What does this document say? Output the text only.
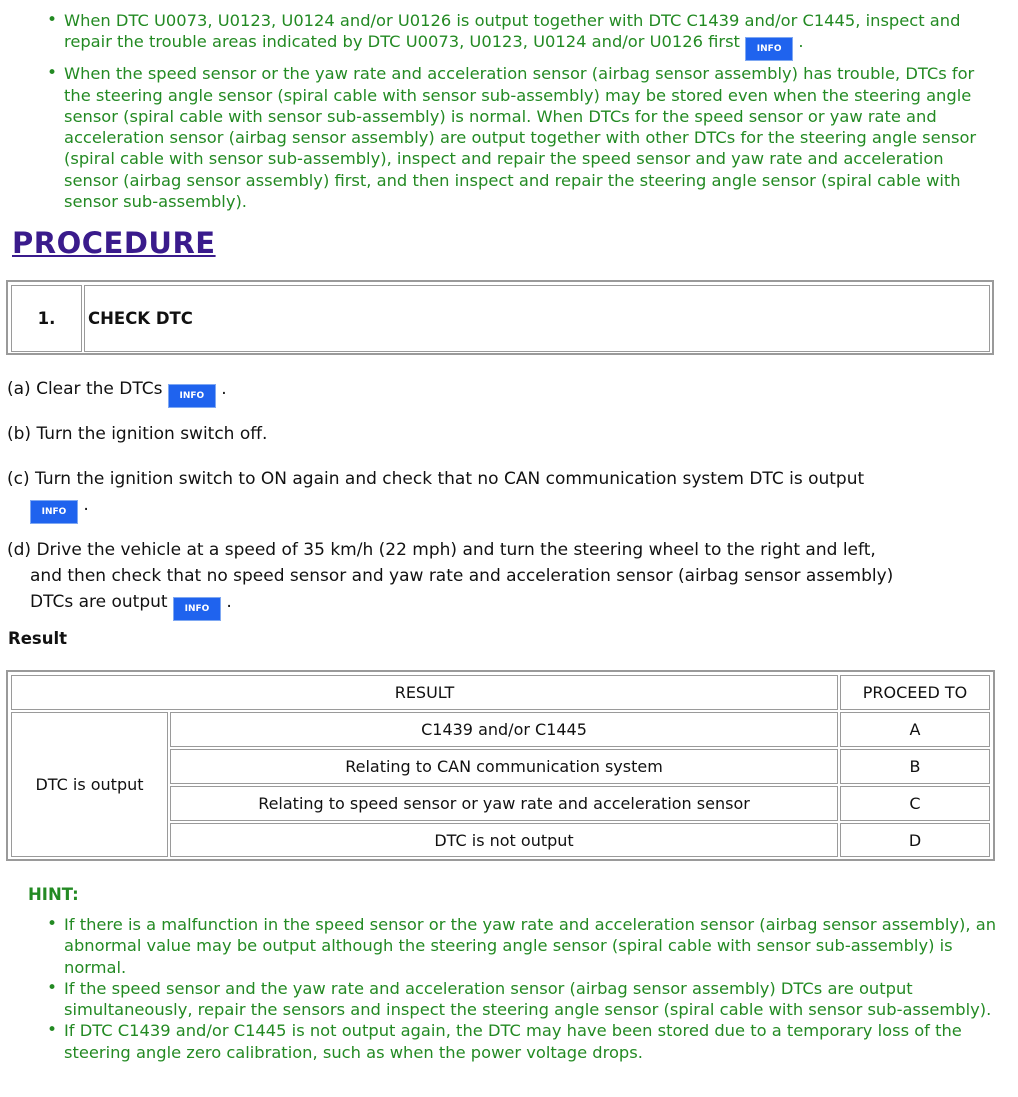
• When DTC U0073, U0123, U0124 and/or U0126 is output together with DTC C1439 and/or C1445, inspect and repair the trouble areas indicated by DTC U0073, U0123, U0124 and/or U0126 first INFO .
• When the speed sensor or the yaw rate and acceleration sensor (airbag sensor assembly) has trouble, DTCs for the steering angle sensor (spiral cable with sensor sub-assembly) may be stored even when the steering angle sensor (spiral cable with sensor sub-assembly) is normal. When DTCs for the speed sensor or yaw rate and acceleration sensor (airbag sensor assembly) are output together with other DTCs for the steering angle sensor (spiral cable with sensor sub-assembly), inspect and repair the speed sensor and yaw rate and acceleration sensor (airbag sensor assembly) first, and then inspect and repair the steering angle sensor (spiral cable with sensor sub-assembly).
PROCEDURE
1.	CHECK DTC
(a) Clear the DTCs INFO .
(b) Turn the ignition switch off.
(c) Turn the ignition switch to ON again and check that no CAN communication system DTC is output
INFO .
(d) Drive the vehicle at a speed of 35 km/h (22 mph) and turn the steering wheel to the right and left,
and then check that no speed sensor and yaw rate and acceleration sensor (airbag sensor assembly)
DTCs are output INFO .
Result
RESULT	PROCEED TO
DTC is output
C1439 and/or C1445	A
Relating to CAN communication system	B
Relating to speed sensor or yaw rate and acceleration sensor	C
DTC is not output	D
HINT:
• If there is a malfunction in the speed sensor or the yaw rate and acceleration sensor (airbag sensor assembly), an abnormal value may be output although the steering angle sensor (spiral cable with sensor sub-assembly) is normal.
• If the speed sensor and the yaw rate and acceleration sensor (airbag sensor assembly) DTCs are output simultaneously, repair the sensors and inspect the steering angle sensor (spiral cable with sensor sub-assembly).
• If DTC C1439 and/or C1445 is not output again, the DTC may have been stored due to a temporary loss of the steering angle zero calibration, such as when the power voltage drops.
